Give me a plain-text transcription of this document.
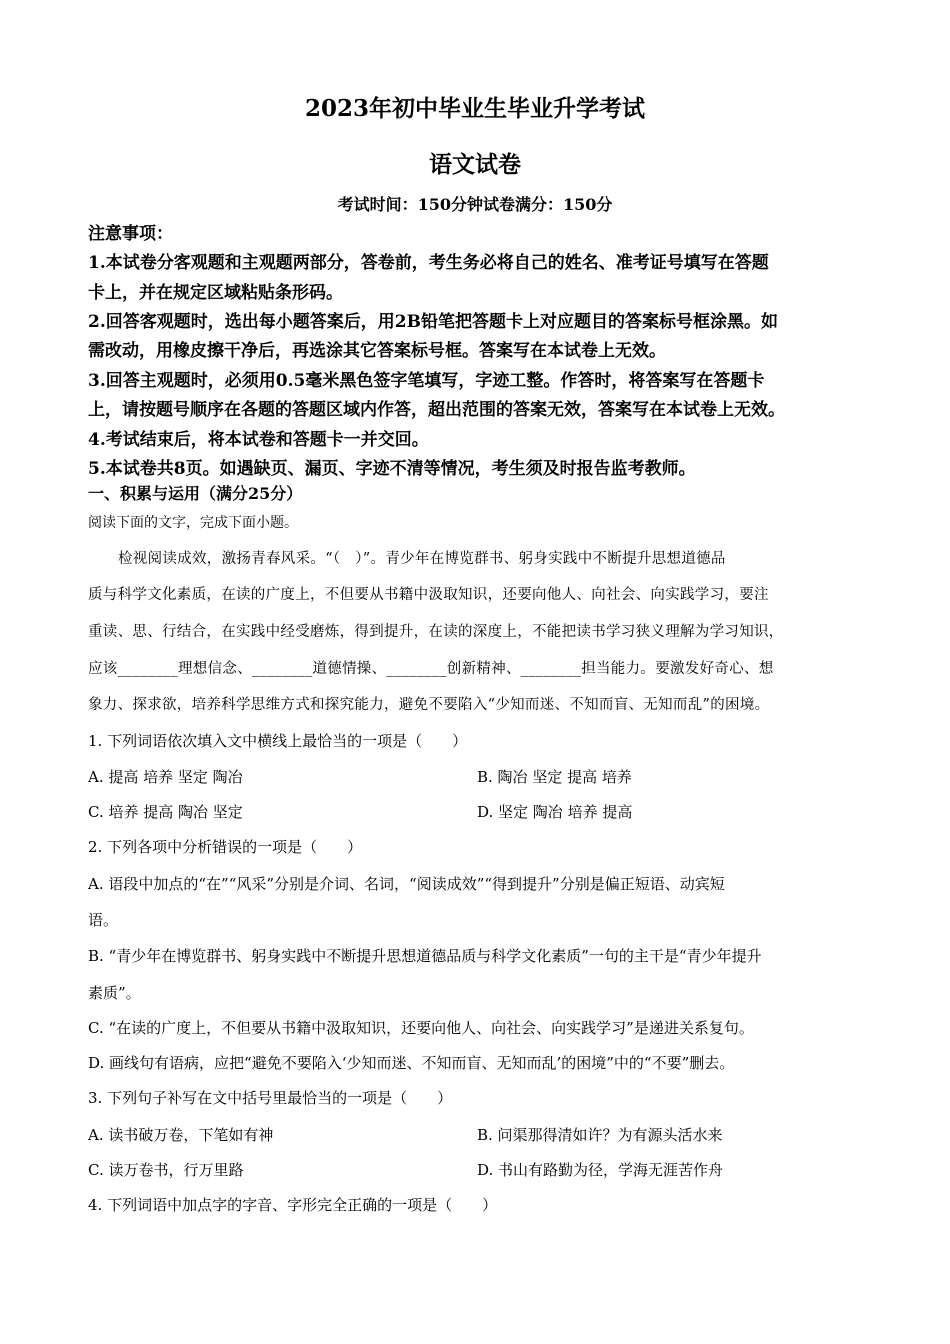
2023年初中毕业生毕业升学考试
语文试卷
考试时间：150分钟试卷满分：150分
注意事项：
1.本试卷分客观题和主观题两部分，答卷前，考生务必将自己的姓名、准考证号填写在答题
卡上，并在规定区域粘贴条形码。
2.回答客观题时，选出每小题答案后，用2B铅笔把答题卡上对应题目的答案标号框涂黑。如
需改动，用橡皮擦干净后，再选涂其它答案标号框。答案写在本试卷上无效。
3.回答主观题时，必须用0.5毫米黑色签字笔填写，字迹工整。作答时，将答案写在答题卡
上，请按题号顺序在各题的答题区域内作答，超出范围的答案无效，答案写在本试卷上无效。
4.考试结束后，将本试卷和答题卡一并交回。
5.本试卷共8页。如遇缺页、漏页、字迹不清等情况，考生须及时报告监考教师。
一、积累与运用（满分25分）
阅读下面的文字，完成下面小题。
检视阅读成效，激扬青春风采。“（　）”。青少年在博览群书、躬身实践中不断提升思想道德品
质与科学文化素质，在读的广度上，不但要从书籍中汲取知识，还要向他人、向社会、向实践学习，要注
重读、思、行结合，在实践中经受磨炼，得到提升，在读的深度上，不能把读书学习狭义理解为学习知识，
应该________理想信念、________道德情操、________创新精神、________担当能力。要激发好奇心、想
象力、探求欲，培养科学思维方式和探究能力，避免不要陷入“少知而迷、不知而盲、无知而乱”的困境。
1. 下列词语依次填入文中横线上最恰当的一项是（　　）
A. 提高 培养 坚定 陶冶	B. 陶冶 坚定 提高 培养
C. 培养 提高 陶冶 坚定	D. 坚定 陶冶 培养 提高
2. 下列各项中分析错误的一项是（　　）
A. 语段中加点的“在”“风采”分别是介词、名词，“阅读成效”“得到提升”分别是偏正短语、动宾短
语。
B. “青少年在博览群书、躬身实践中不断提升思想道德品质与科学文化素质”一句的主干是“青少年提升
素质”。
C. “在读的广度上，不但要从书籍中汲取知识，还要向他人、向社会、向实践学习”是递进关系复句。
D. 画线句有语病，应把“避免不要陷入‘少知而迷、不知而盲、无知而乱’的困境”中的“不要”删去。
3. 下列句子补写在文中括号里最恰当的一项是（　　）
A. 读书破万卷，下笔如有神	B. 问渠那得清如许？为有源头活水来
C. 读万卷书，行万里路	D. 书山有路勤为径，学海无涯苦作舟
4. 下列词语中加点字的字音、字形完全正确的一项是（　　）
